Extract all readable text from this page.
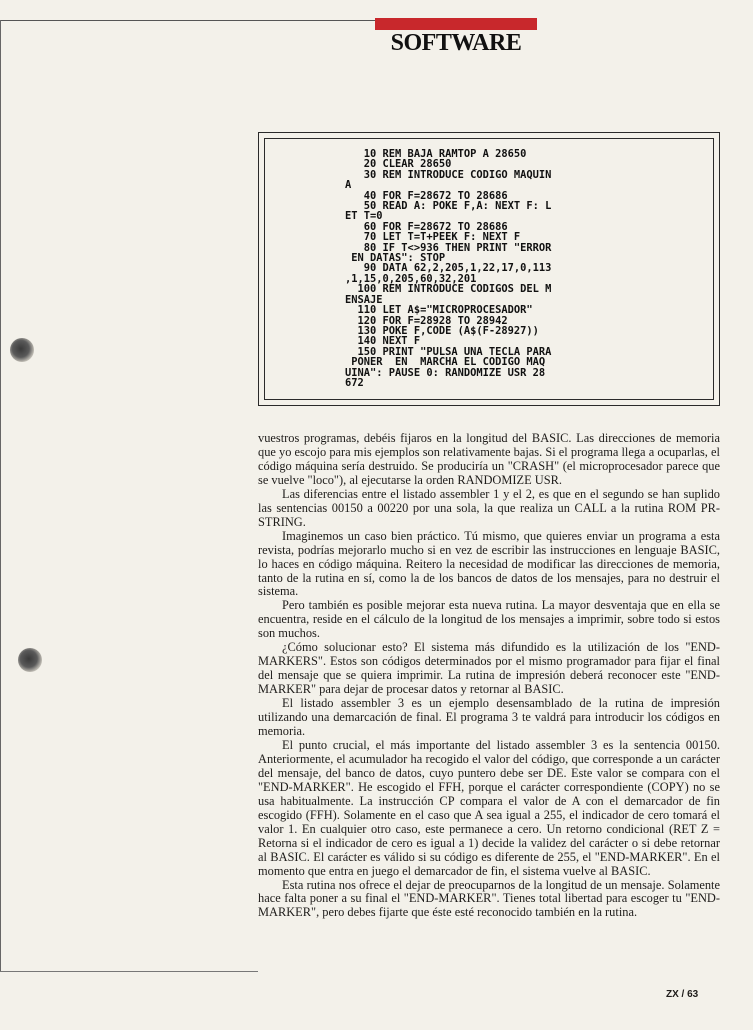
SOFTWARE
10 REM BAJA RAMTOP A 28650
20 CLEAR 28650
30 REM INTRODUCE CODIGO MAQUIN
A
40 FOR F=28672 TO 28686
50 READ A: POKE F,A: NEXT F: L
ET T=0
60 FOR F=28672 TO 28686
70 LET T=T+PEEK F: NEXT F
80 IF T<>936 THEN PRINT "ERROR
EN DATAS": STOP
90 DATA 62,2,205,1,22,17,0,113
,1,15,0,205,60,32,201
100 REM INTRODUCE CODIGOS DEL M
ENSAJE
110 LET A$="MICROPROCESADOR"
120 FOR F=28928 TO 28942
130 POKE F,CODE (A$(F-28927))
140 NEXT F
150 PRINT "PULSA UNA TECLA PARA
PONER  EN  MARCHA EL CODIGO MAQ
UINA": PAUSE 0: RANDOMIZE USR 28
672

vuestros programas, debéis fijaros en la longitud del BASIC. Las direcciones de memoria que yo escojo para mis ejemplos son relativamente bajas. Si el programa llega a ocuparlas, el código máquina sería destruido. Se produciría un "CRASH" (el microprocesador parece que se vuelve "loco"), al ejecutarse la orden RANDOMIZE USR.

Las diferencias entre el listado assembler 1 y el 2, es que en el segundo se han suplido las sentencias 00150 a 00220 por una sola, la que realiza un CALL a la rutina ROM PR-STRING.

Imaginemos un caso bien práctico. Tú mismo, que quieres enviar un programa a esta revista, podrías mejorarlo mucho si en vez de escribir las instrucciones en lenguaje BASIC, lo haces en código máquina. Reitero la necesidad de modificar las direcciones de memoria, tanto de la rutina en sí, como la de los bancos de datos de los mensajes, para no destruir el sistema.

Pero también es posible mejorar esta nueva rutina. La mayor desventaja que en ella se encuentra, reside en el cálculo de la longitud de los mensajes a imprimir, sobre todo si estos son muchos.

¿Cómo solucionar esto? El sistema más difundido es la utilización de los "END-MARKERS". Estos son códigos determinados por el mismo programador para fijar el final del mensaje que se quiera imprimir. La rutina de impresión deberá reconocer este "END-MARKER" para dejar de procesar datos y retornar al BASIC.

El listado assembler 3 es un ejemplo desensamblado de la rutina de impresión utilizando una demarcación de final. El programa 3 te valdrá para introducir los códigos en memoria.

El punto crucial, el más importante del listado assembler 3 es la sentencia 00150. Anteriormente, el acumulador ha recogido el valor del código, que corresponde a un carácter del mensaje, del banco de datos, cuyo puntero debe ser DE. Este valor se compara con el "END-MARKER". He escogido el FFH, porque el carácter correspondiente (COPY) no se usa habitualmente. La instrucción CP compara el valor de A con el demarcador de fin escogido (FFH). Solamente en el caso que A sea igual a 255, el indicador de cero tomará el valor 1. En cualquier otro caso, este permanece a cero. Un retorno condicional (RET Z = Retorna si el indicador de cero es igual a 1) decide la validez del carácter o si debe retornar al BASIC. El carácter es válido si su código es diferente de 255, el "END-MARKER". En el momento que entra en juego el demarcador de fin, el sistema vuelve al BASIC.

Esta rutina nos ofrece el dejar de preocuparnos de la longitud de un mensaje. Solamente hace falta poner a su final el "END-MARKER". Tienes total libertad para escoger tu "END-MARKER", pero debes fijarte que éste esté reconocido también en la rutina.

ZX / 63
